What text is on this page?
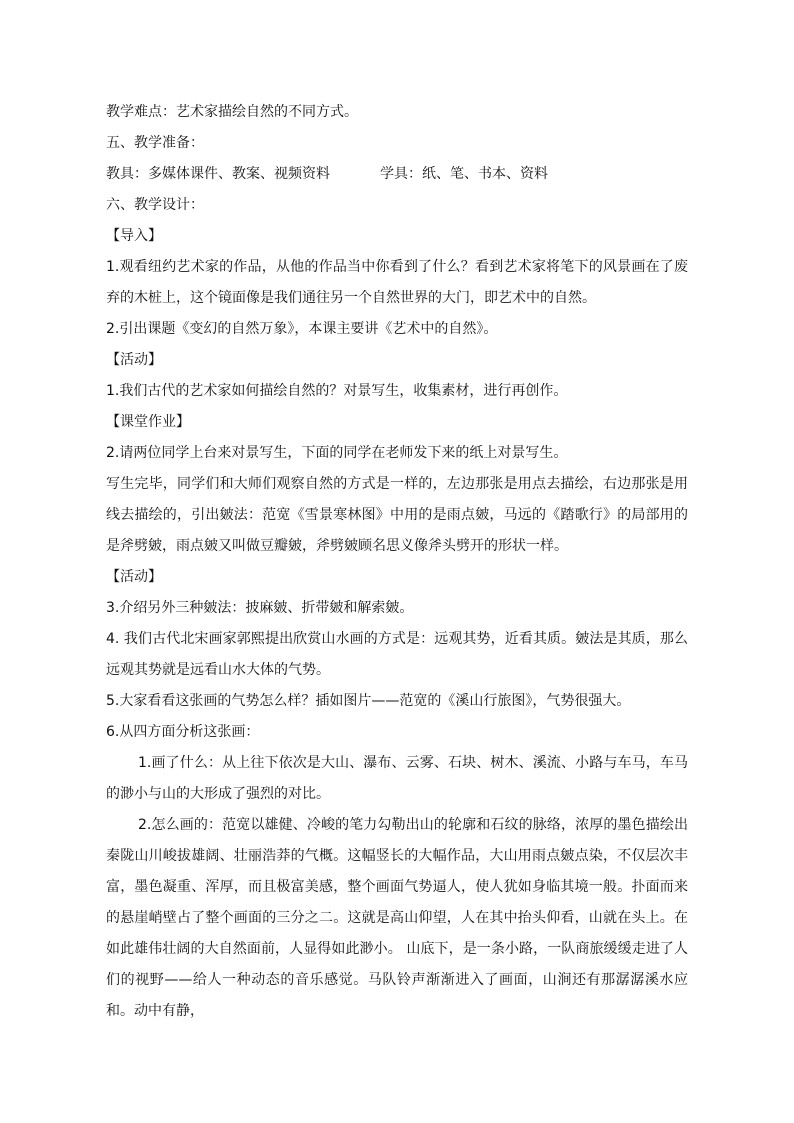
教学难点：艺术家描绘自然的不同方式。
五、教学准备：
教具：多媒体课件、教案、视频资料	学具：纸、笔、书本、资料
六、教学设计：
【导入】

1.观看纽约艺术家的作品，从他的作品当中你看到了什么？看到艺术家将笔下的风景画在了废弃的木桩上，这个镜面像是我们通往另一个自然世界的大门，即艺术中的自然。

2.引出课题《变幻的自然万象》，本课主要讲《艺术中的自然》。

【活动】

1.我们古代的艺术家如何描绘自然的？对景写生，收集素材，进行再创作。

【课堂作业】

2.请两位同学上台来对景写生，下面的同学在老师发下来的纸上对景写生。

写生完毕，同学们和大师们观察自然的方式是一样的，左边那张是用点去描绘，右边那张是用线去描绘的，引出皴法：范宽《雪景寒林图》中用的是雨点皴，马远的《踏歌行》的局部用的是斧劈皴，雨点皴又叫做豆瓣皴，斧劈皴顾名思义像斧头劈开的形状一样。

【活动】

3.介绍另外三种皴法：披麻皴、折带皴和解索皴。

4. 我们古代北宋画家郭熙提出欣赏山水画的方式是：远观其势，近看其质。皴法是其质，那么远观其势就是远看山水大体的气势。

5.大家看看这张画的气势怎么样？插如图片——范宽的《溪山行旅图》，气势很强大。

6.从四方面分析这张画：

1.画了什么：从上往下依次是大山、瀑布、云雾、石块、树木、溪流、小路与车马，车马的渺小与山的大形成了强烈的对比。

2.怎么画的：范宽以雄健、冷峻的笔力勾勒出山的轮廓和石纹的脉络，浓厚的墨色描绘出秦陇山川峻拔雄阔、壮丽浩莽的气概。这幅竖长的大幅作品，大山用雨点皴点染，不仅层次丰富，墨色凝重、浑厚，而且极富美感，整个画面气势逼人，使人犹如身临其境一般。扑面而来的悬崖峭壁占了整个画面的三分之二。这就是高山仰望，人在其中抬头仰看，山就在头上。在如此雄伟壮阔的大自然面前，人显得如此渺小。 山底下，是一条小路，一队商旅缓缓走进了人们的视野——给人一种动态的音乐感觉。马队铃声渐渐进入了画面，山涧还有那潺潺溪水应和。动中有静，
